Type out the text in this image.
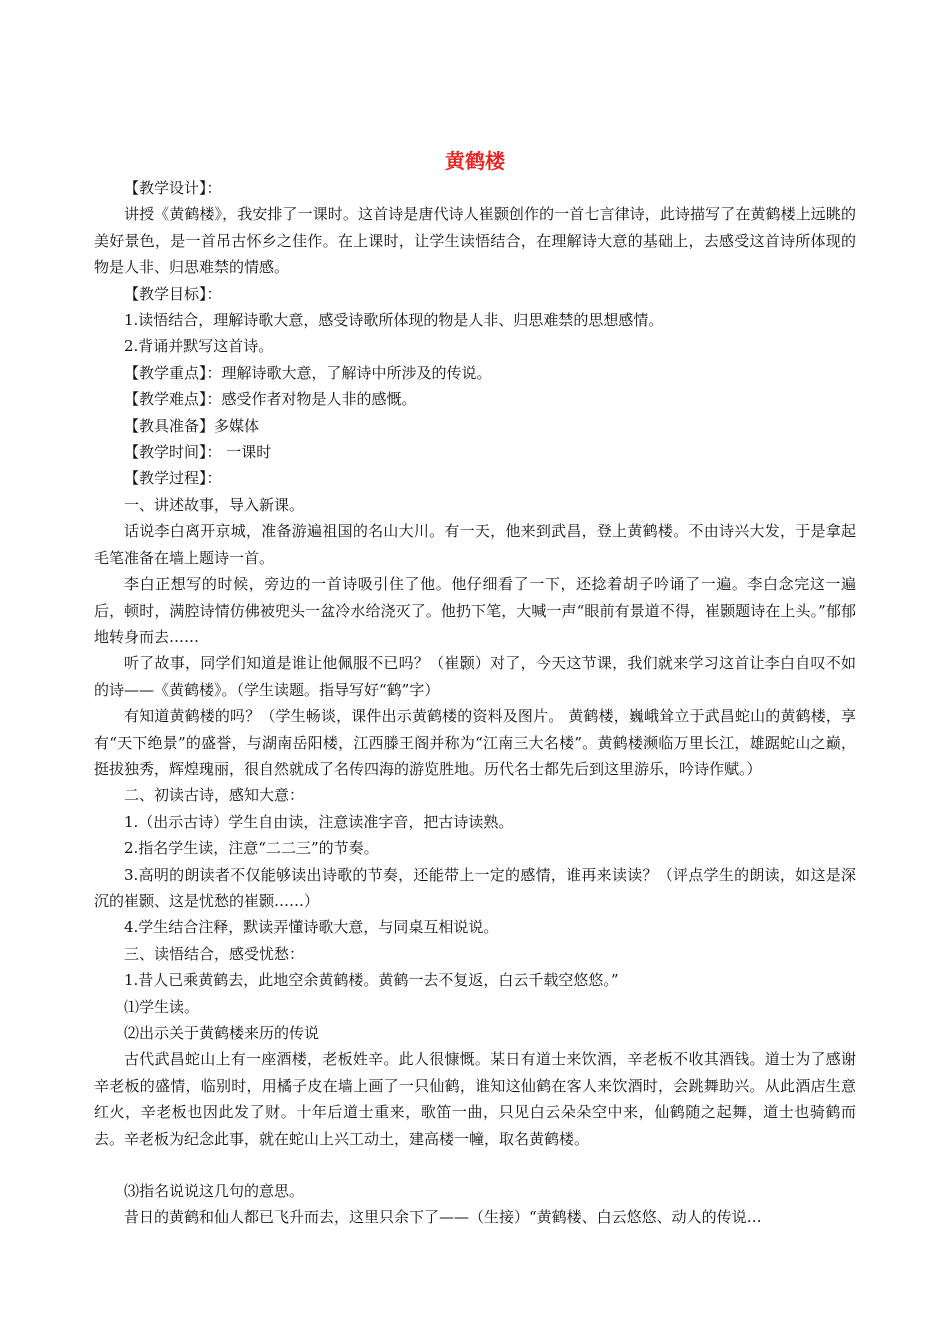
黄鹤楼

【教学设计】：

讲授《黄鹤楼》，我安排了一课时。这首诗是唐代诗人崔颢创作的一首七言律诗，此诗描写了在黄鹤楼上远眺的美好景色，是一首吊古怀乡之佳作。在上课时，让学生读悟结合，在理解诗大意的基础上，去感受这首诗所体现的物是人非、归思难禁的情感。

【教学目标】：

1.读悟结合，理解诗歌大意，感受诗歌所体现的物是人非、归思难禁的思想感情。

2.背诵并默写这首诗。

【教学重点】：理解诗歌大意，了解诗中所涉及的传说。

【教学难点】：感受作者对物是人非的感慨。

【教具准备】多媒体

【教学时间】： 一课时

【教学过程】：

一、讲述故事，导入新课。

话说李白离开京城，准备游遍祖国的名山大川。有一天，他来到武昌，登上黄鹤楼。不由诗兴大发，于是拿起毛笔准备在墙上题诗一首。

李白正想写的时候，旁边的一首诗吸引住了他。他仔细看了一下，还捻着胡子吟诵了一遍。李白念完这一遍后，顿时，满腔诗情仿佛被兜头一盆冷水给浇灭了。他扔下笔，大喊一声“眼前有景道不得，崔颢题诗在上头。”郁郁地转身而去……

听了故事，同学们知道是谁让他佩服不已吗？（崔颢）对了，今天这节课，我们就来学习这首让李白自叹不如的诗——《黄鹤楼》。（学生读题。指导写好“鹤”字）

有知道黄鹤楼的吗？（学生畅谈，课件出示黄鹤楼的资料及图片。 黄鹤楼，巍峨耸立于武昌蛇山的黄鹤楼，享有“天下绝景”的盛誉，与湖南岳阳楼，江西滕王阁并称为“江南三大名楼”。黄鹤楼濒临万里长江，雄踞蛇山之巅，挺拔独秀，辉煌瑰丽，很自然就成了名传四海的游览胜地。历代名士都先后到这里游乐，吟诗作赋。）

二、初读古诗，感知大意：

1.（出示古诗）学生自由读，注意读准字音，把古诗读熟。

2.指名学生读，注意“二二三”的节奏。

3.高明的朗读者不仅能够读出诗歌的节奏，还能带上一定的感情，谁再来读读？（评点学生的朗读，如这是深沉的崔颢、这是忧愁的崔颢……）

4.学生结合注释，默读弄懂诗歌大意，与同桌互相说说。

三、读悟结合，感受忧愁：

1.昔人已乘黄鹤去，此地空余黄鹤楼。黄鹤一去不复返，白云千载空悠悠。”

⑴学生读。

⑵出示关于黄鹤楼来历的传说

古代武昌蛇山上有一座酒楼，老板姓辛。此人很慷慨。某日有道士来饮酒，辛老板不收其酒钱。道士为了感谢辛老板的盛情，临别时，用橘子皮在墙上画了一只仙鹤，谁知这仙鹤在客人来饮酒时，会跳舞助兴。从此酒店生意红火，辛老板也因此发了财。十年后道士重来，歌笛一曲，只见白云朵朵空中来，仙鹤随之起舞，道士也骑鹤而去。辛老板为纪念此事，就在蛇山上兴工动土，建高楼一幢，取名黄鹤楼。

⑶指名说说这几句的意思。

昔日的黄鹤和仙人都已飞升而去，这里只余下了——（生接）“黄鹤楼、白云悠悠、动人的传说…
